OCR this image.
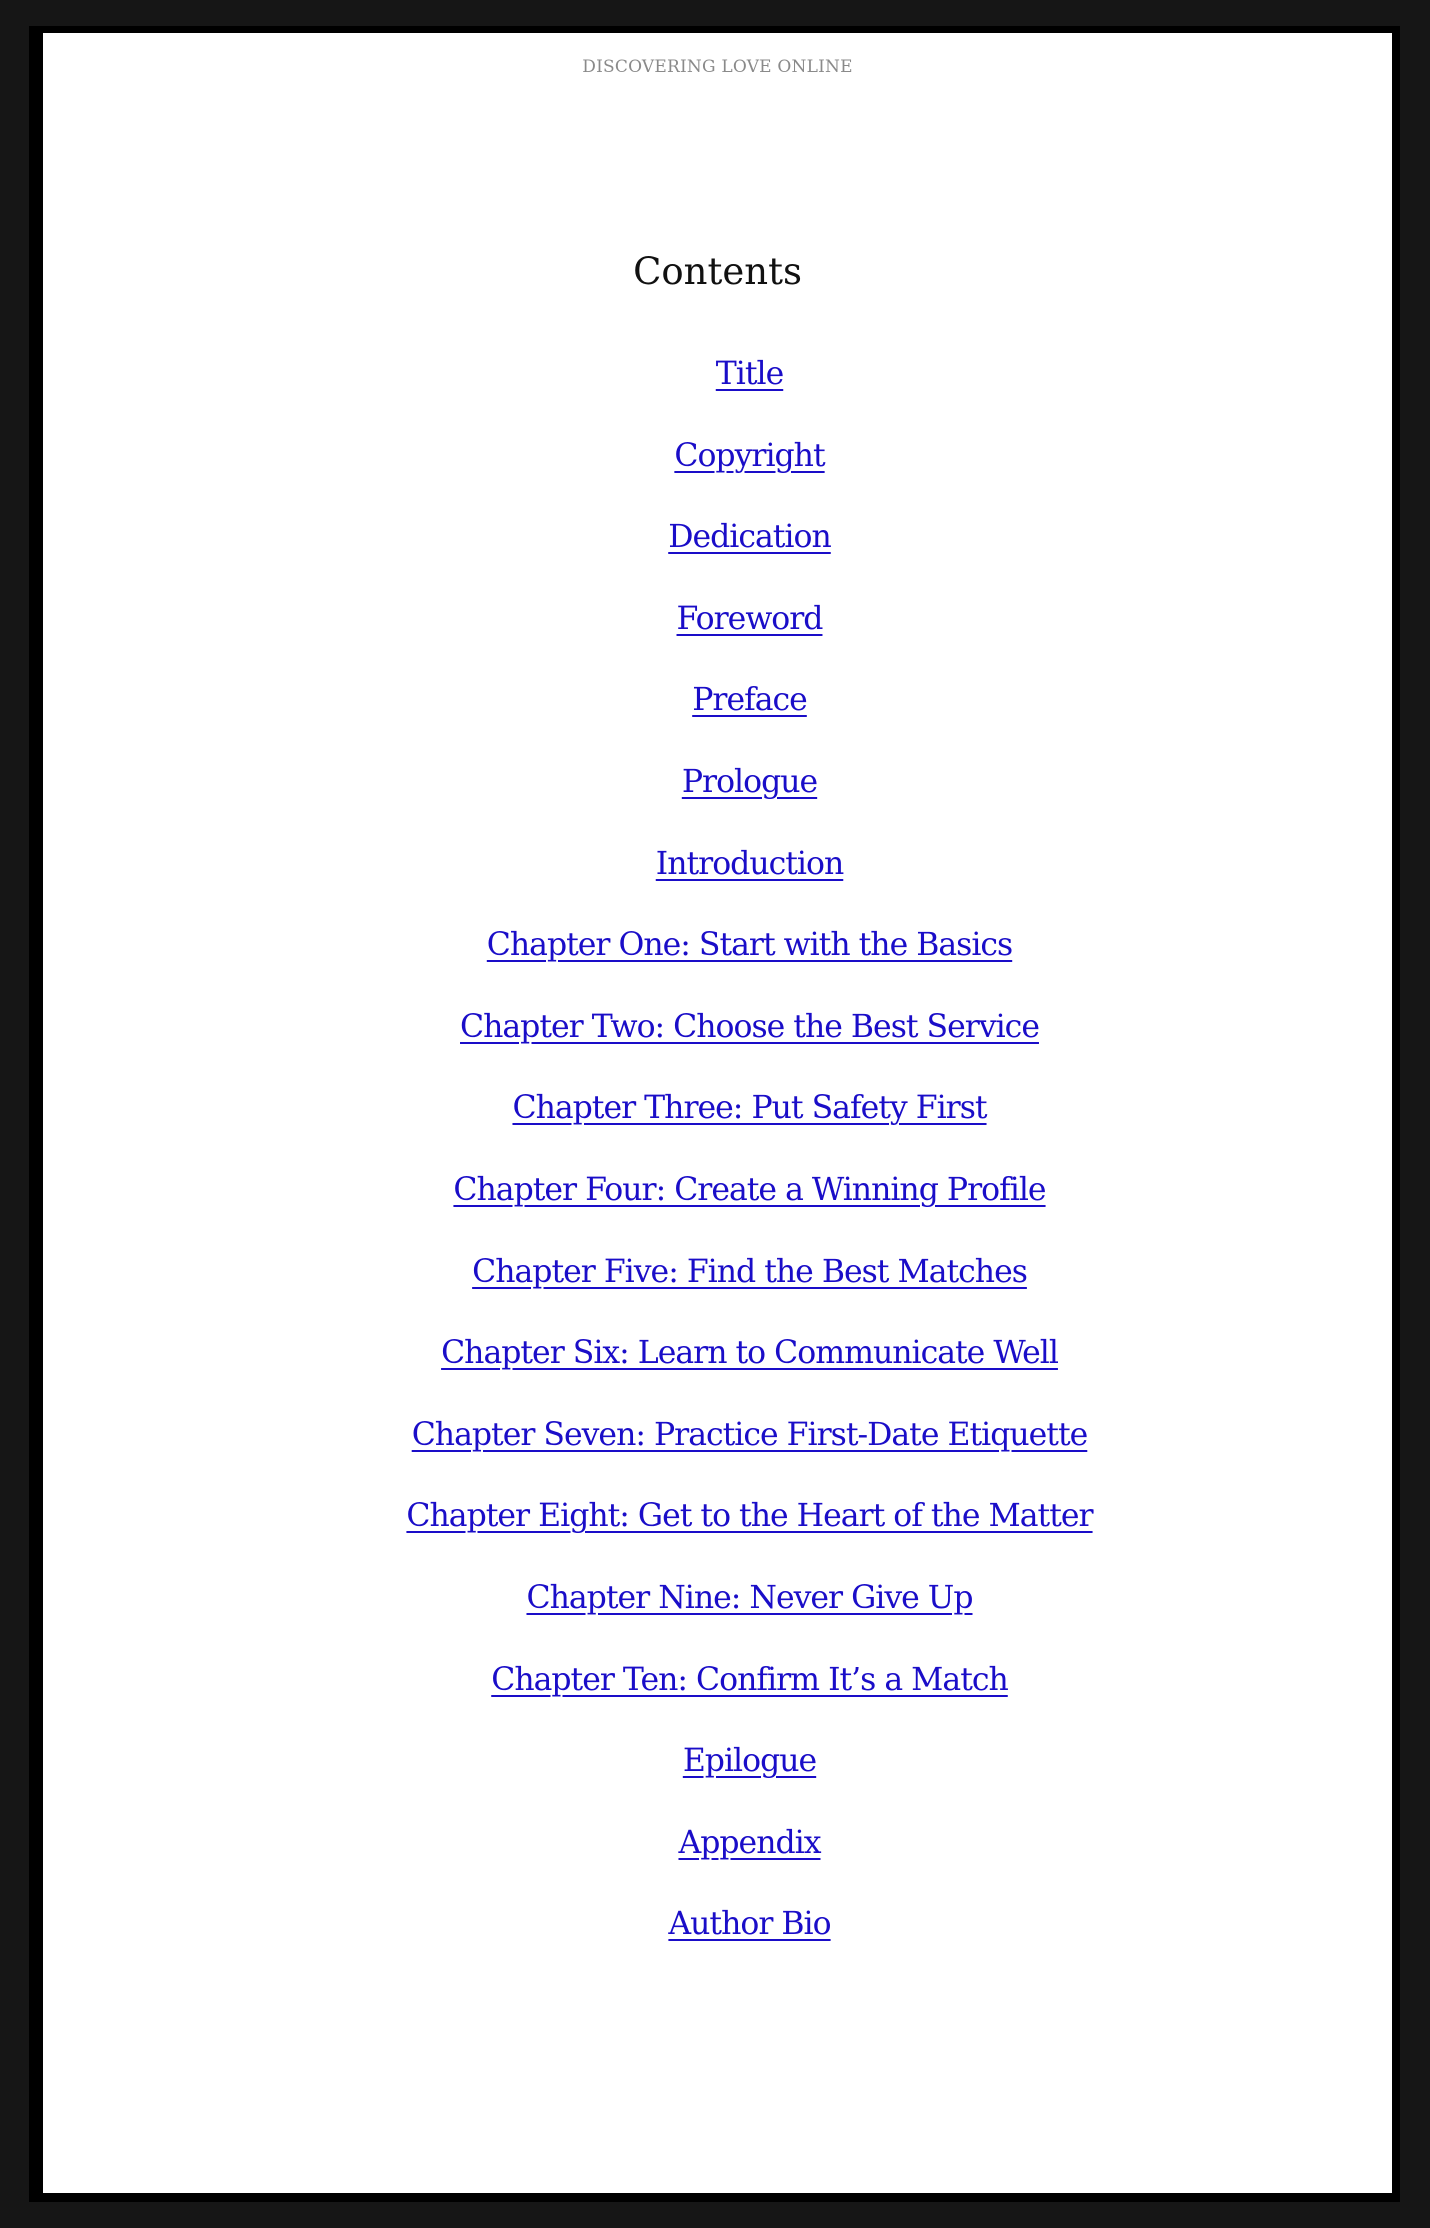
DISCOVERING LOVE ONLINE
Contents
Title
Copyright
Dedication
Foreword
Preface
Prologue
Introduction
Chapter One: Start with the Basics
Chapter Two: Choose the Best Service
Chapter Three: Put Safety First
Chapter Four: Create a Winning Profile
Chapter Five: Find the Best Matches
Chapter Six: Learn to Communicate Well
Chapter Seven: Practice First-Date Etiquette
Chapter Eight: Get to the Heart of the Matter
Chapter Nine: Never Give Up
Chapter Ten: Confirm It’s a Match
Epilogue
Appendix
Author Bio
